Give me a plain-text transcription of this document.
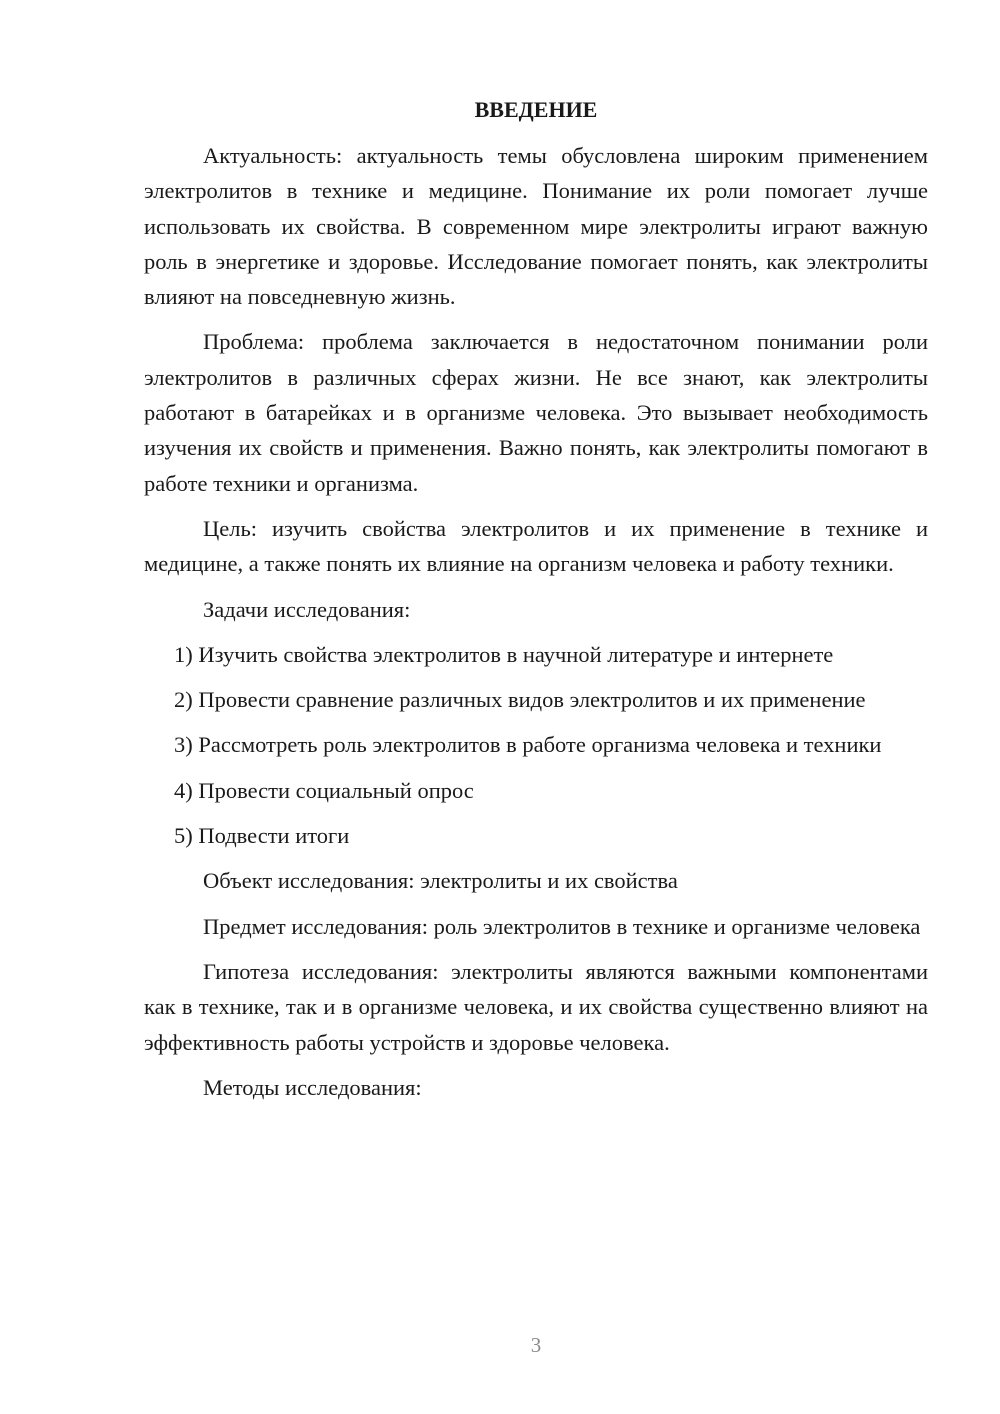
ВВЕДЕНИЕ

Актуальность: актуальность темы обусловлена широким применением электролитов в технике и медицине. Понимание их роли помогает лучше использовать их свойства. В современном мире электролиты играют важную роль в энергетике и здоровье. Исследование помогает понять, как электролиты влияют на повседневную жизнь.

Проблема: проблема заключается в недостаточном понимании роли электролитов в различных сферах жизни. Не все знают, как электролиты работают в батарейках и в организме человека. Это вызывает необходимость изучения их свойств и применения. Важно понять, как электролиты помогают в работе техники и организма.

Цель: изучить свойства электролитов и их применение в технике и медицине, а также понять их влияние на организм человека и работу техники.

Задачи исследования:

1) Изучить свойства электролитов в научной литературе и интернете

2) Провести сравнение различных видов электролитов и их применение

3) Рассмотреть роль электролитов в работе организма человека и техники

4) Провести социальный опрос

5) Подвести итоги

Объект исследования: электролиты и их свойства

Предмет исследования: роль электролитов в технике и организме человека

Гипотеза исследования: электролиты являются важными компонентами как в технике, так и в организме человека, и их свойства существенно влияют на эффективность работы устройств и здоровье человека.

Методы исследования:

3
